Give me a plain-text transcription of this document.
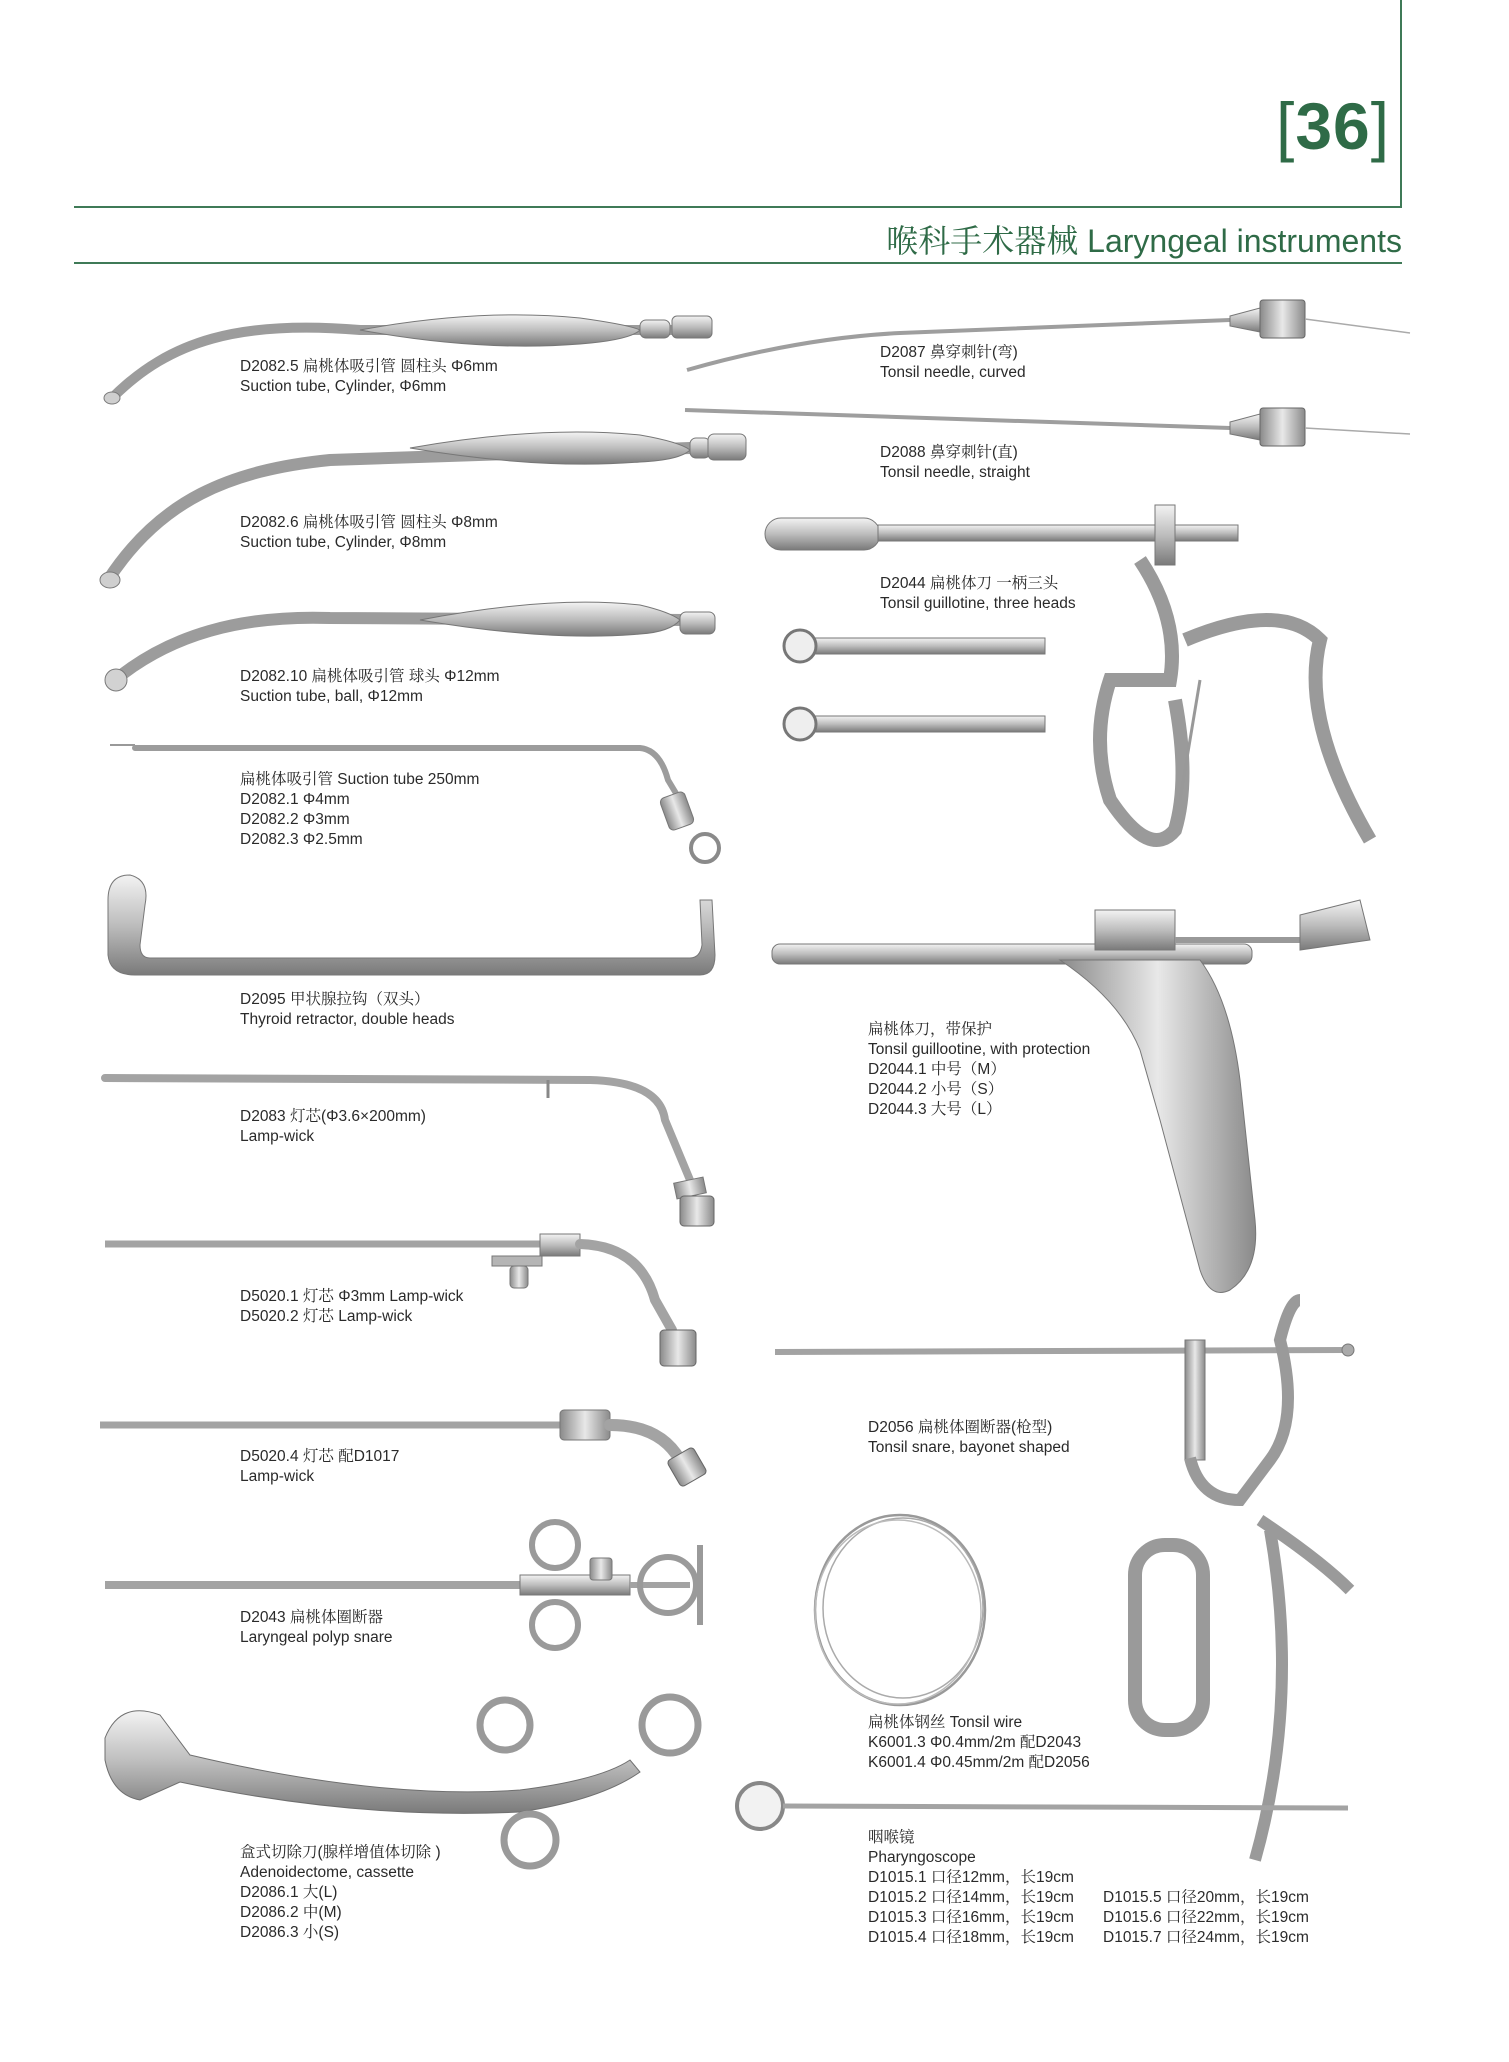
[36]
喉科手术器械 Laryngeal instruments
D2082.5 扁桃体吸引管 圆柱头 Φ6mm
Suction tube, Cylinder, Φ6mm
D2082.6 扁桃体吸引管 圆柱头 Φ8mm
Suction tube, Cylinder, Φ8mm
D2082.10 扁桃体吸引管 球头 Φ12mm
Suction tube, ball, Φ12mm
扁桃体吸引管 Suction tube 250mm
D2082.1 Φ4mm
D2082.2 Φ3mm
D2082.3 Φ2.5mm
D2095 甲状腺拉钩（双头）
Thyroid retractor, double heads
D2083 灯芯(Φ3.6×200mm)
Lamp-wick
D5020.1 灯芯 Φ3mm Lamp-wick
D5020.2 灯芯 Lamp-wick
D5020.4 灯芯 配D1017
Lamp-wick
D2043 扁桃体圈断器
Laryngeal polyp snare
盒式切除刀(腺样增值体切除 )
Adenoidectome, cassette
D2086.1 大(L)
D2086.2 中(M)
D2086.3 小(S)
D2087 鼻穿刺针(弯)
Tonsil needle, curved
D2088 鼻穿刺针(直)
Tonsil needle, straight
D2044 扁桃体刀 一柄三头
Tonsil guillotine, three heads
扁桃体刀，带保护
Tonsil guillootine, with protection
D2044.1 中号（M）
D2044.2 小号（S）
D2044.3 大号（L）
D2056 扁桃体圈断器(枪型)
Tonsil snare, bayonet shaped
扁桃体钢丝 Tonsil wire
K6001.3 Φ0.4mm/2m 配D2043
K6001.4 Φ0.45mm/2m 配D2056
咽喉镜
Pharyngoscope
D1015.1 口径12mm，长19cm
D1015.2 口径14mm，长19cm	D1015.5 口径20mm，长19cm
D1015.3 口径16mm，长19cm	D1015.6 口径22mm，长19cm
D1015.4 口径18mm，长19cm	D1015.7 口径24mm，长19cm
